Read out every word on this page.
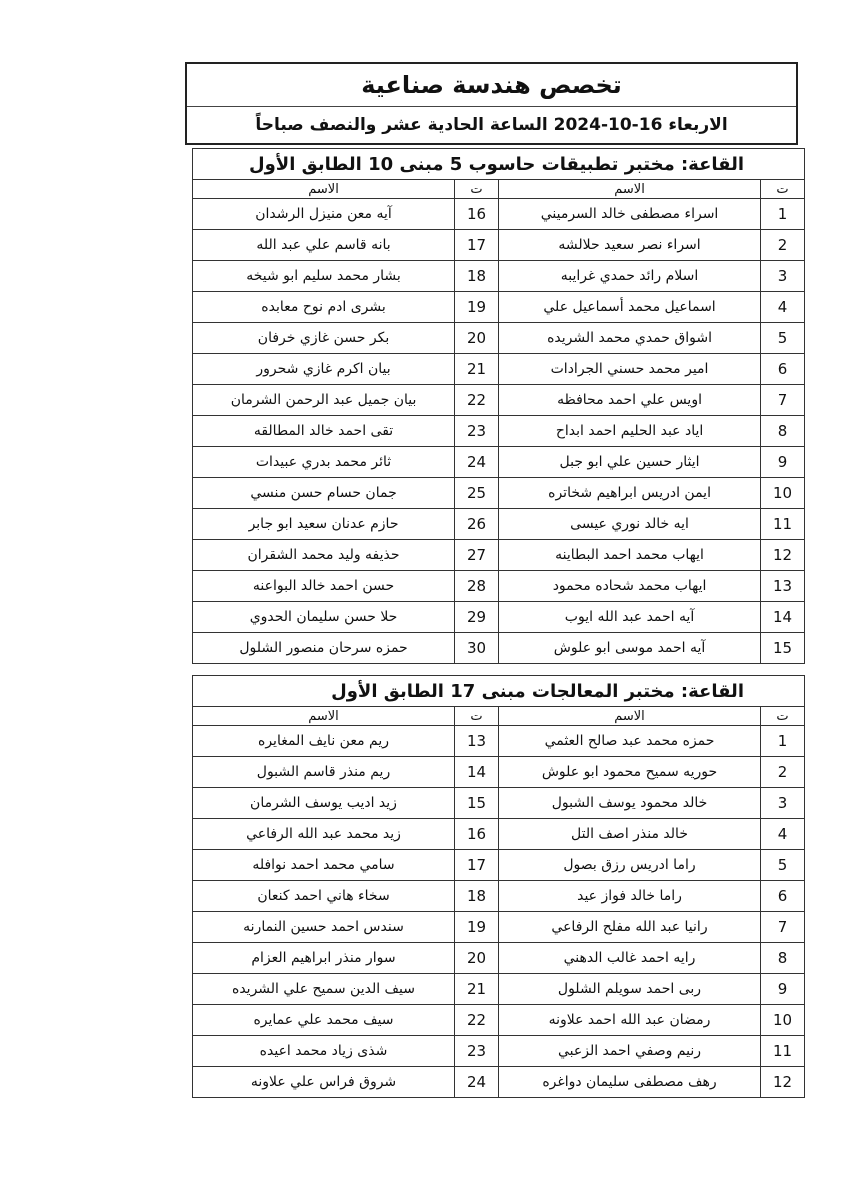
تخصص هندسة صناعية
الاربعاء 16-10-2024 الساعة الحادية عشر والنصف صباحاً
القاعة: مختبر تطبيقات حاسوب 5 مبنى 10 الطابق الأول			
ت	الاسم	ت	الاسم
1	اسراء مصطفى خالد السرميني	16	آيه معن منيزل الرشدان
2	اسراء نصر سعيد حلالشه	17	بانه قاسم علي عبد الله
3	اسلام رائد حمدي غرايبه	18	بشار محمد سليم ابو شيخه
4	اسماعيل محمد أسماعيل علي	19	بشرى ادم نوح معابده
5	اشواق حمدي محمد الشريده	20	بكر حسن غازي خرفان
6	امير محمد حسني الجرادات	21	بيان اكرم غازي شحرور
7	اويس علي احمد محافظه	22	بيان جميل عبد الرحمن الشرمان
8	اياد عبد الحليم احمد ابداح	23	تقى احمد خالد المطالقه
9	ايثار حسين علي ابو جبل	24	ثائر محمد بدري عبيدات
10	ايمن ادريس ابراهيم شخاتره	25	جمان حسام حسن منسي
11	ايه خالد نوري عيسى	26	حازم عدنان سعيد ابو جابر
12	ايهاب محمد احمد البطاينه	27	حذيفه وليد محمد الشقران
13	ايهاب محمد شحاده محمود	28	حسن احمد خالد البواعنه
14	آيه احمد عبد الله ايوب	29	حلا حسن سليمان الحدوي
15	آيه احمد موسى ابو علوش	30	حمزه سرحان منصور الشلول
القاعة: مختبر المعالجات مبنى 17 الطابق الأول			
ت	الاسم	ت	الاسم
1	حمزه محمد عبد صالح العثمي	13	ريم معن نايف المغايره
2	حوريه سميح محمود ابو علوش	14	ريم منذر قاسم الشبول
3	خالد محمود يوسف الشبول	15	زيد اديب يوسف الشرمان
4	خالد منذر اصف التل	16	زيد محمد عبد الله الرفاعي
5	راما ادريس رزق بصول	17	سامي محمد احمد نوافله
6	راما خالد فواز عيد	18	سخاء هاني احمد كنعان
7	رانيا عبد الله مفلح الرفاعي	19	سندس احمد حسين النمارنه
8	رايه احمد غالب الدهني	20	سوار منذر ابراهيم العزام
9	ربى احمد سويلم الشلول	21	سيف الدين سميح علي الشريده
10	رمضان عبد الله احمد علاونه	22	سيف محمد علي عمايره
11	رنيم وصفي احمد الزعبي	23	شذى زياد محمد اعيده
12	رهف مصطفى سليمان دواغره	24	شروق فراس علي علاونه
